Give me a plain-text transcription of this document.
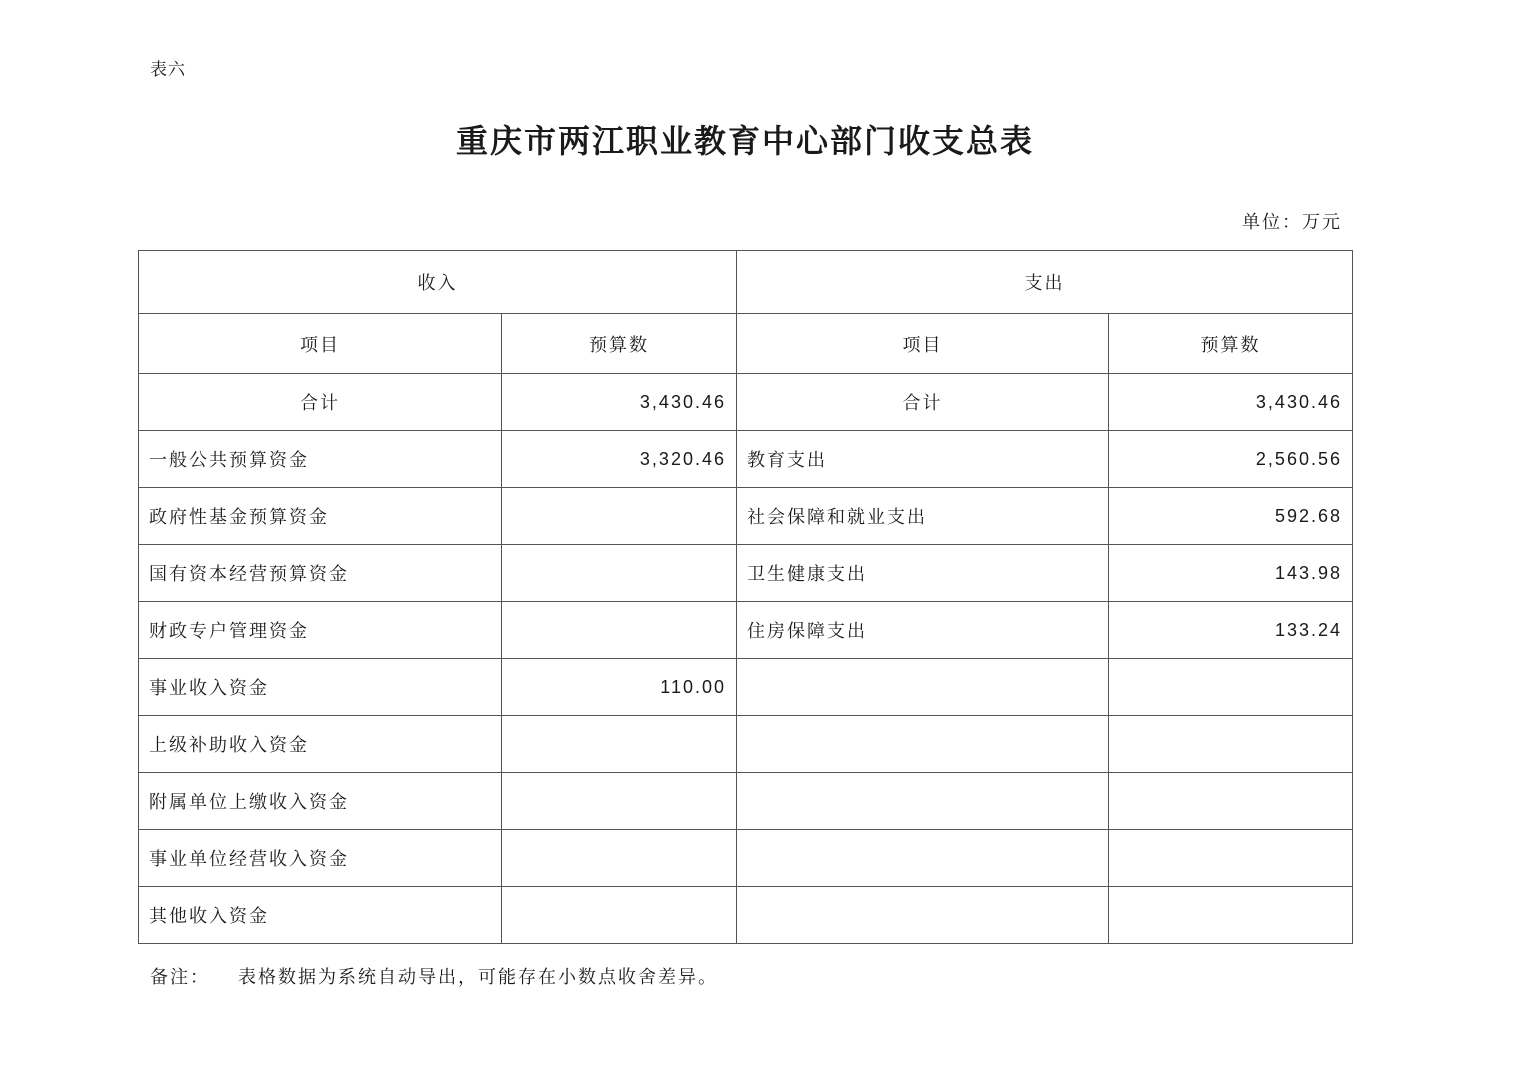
表六
重庆市两江职业教育中心部门收支总表
单位：万元
收入		支出	
项目	预算数	项目	预算数
合计	3,430.46	合计	3,430.46
一般公共预算资金	3,320.46	教育支出	2,560.56
政府性基金预算资金		社会保障和就业支出	592.68
国有资本经营预算资金		卫生健康支出	143.98
财政专户管理资金		住房保障支出	133.24
事业收入资金	110.00		
上级补助收入资金			
附属单位上缴收入资金			
事业单位经营收入资金			
其他收入资金			
备注： 表格数据为系统自动导出，可能存在小数点收舍差异。
